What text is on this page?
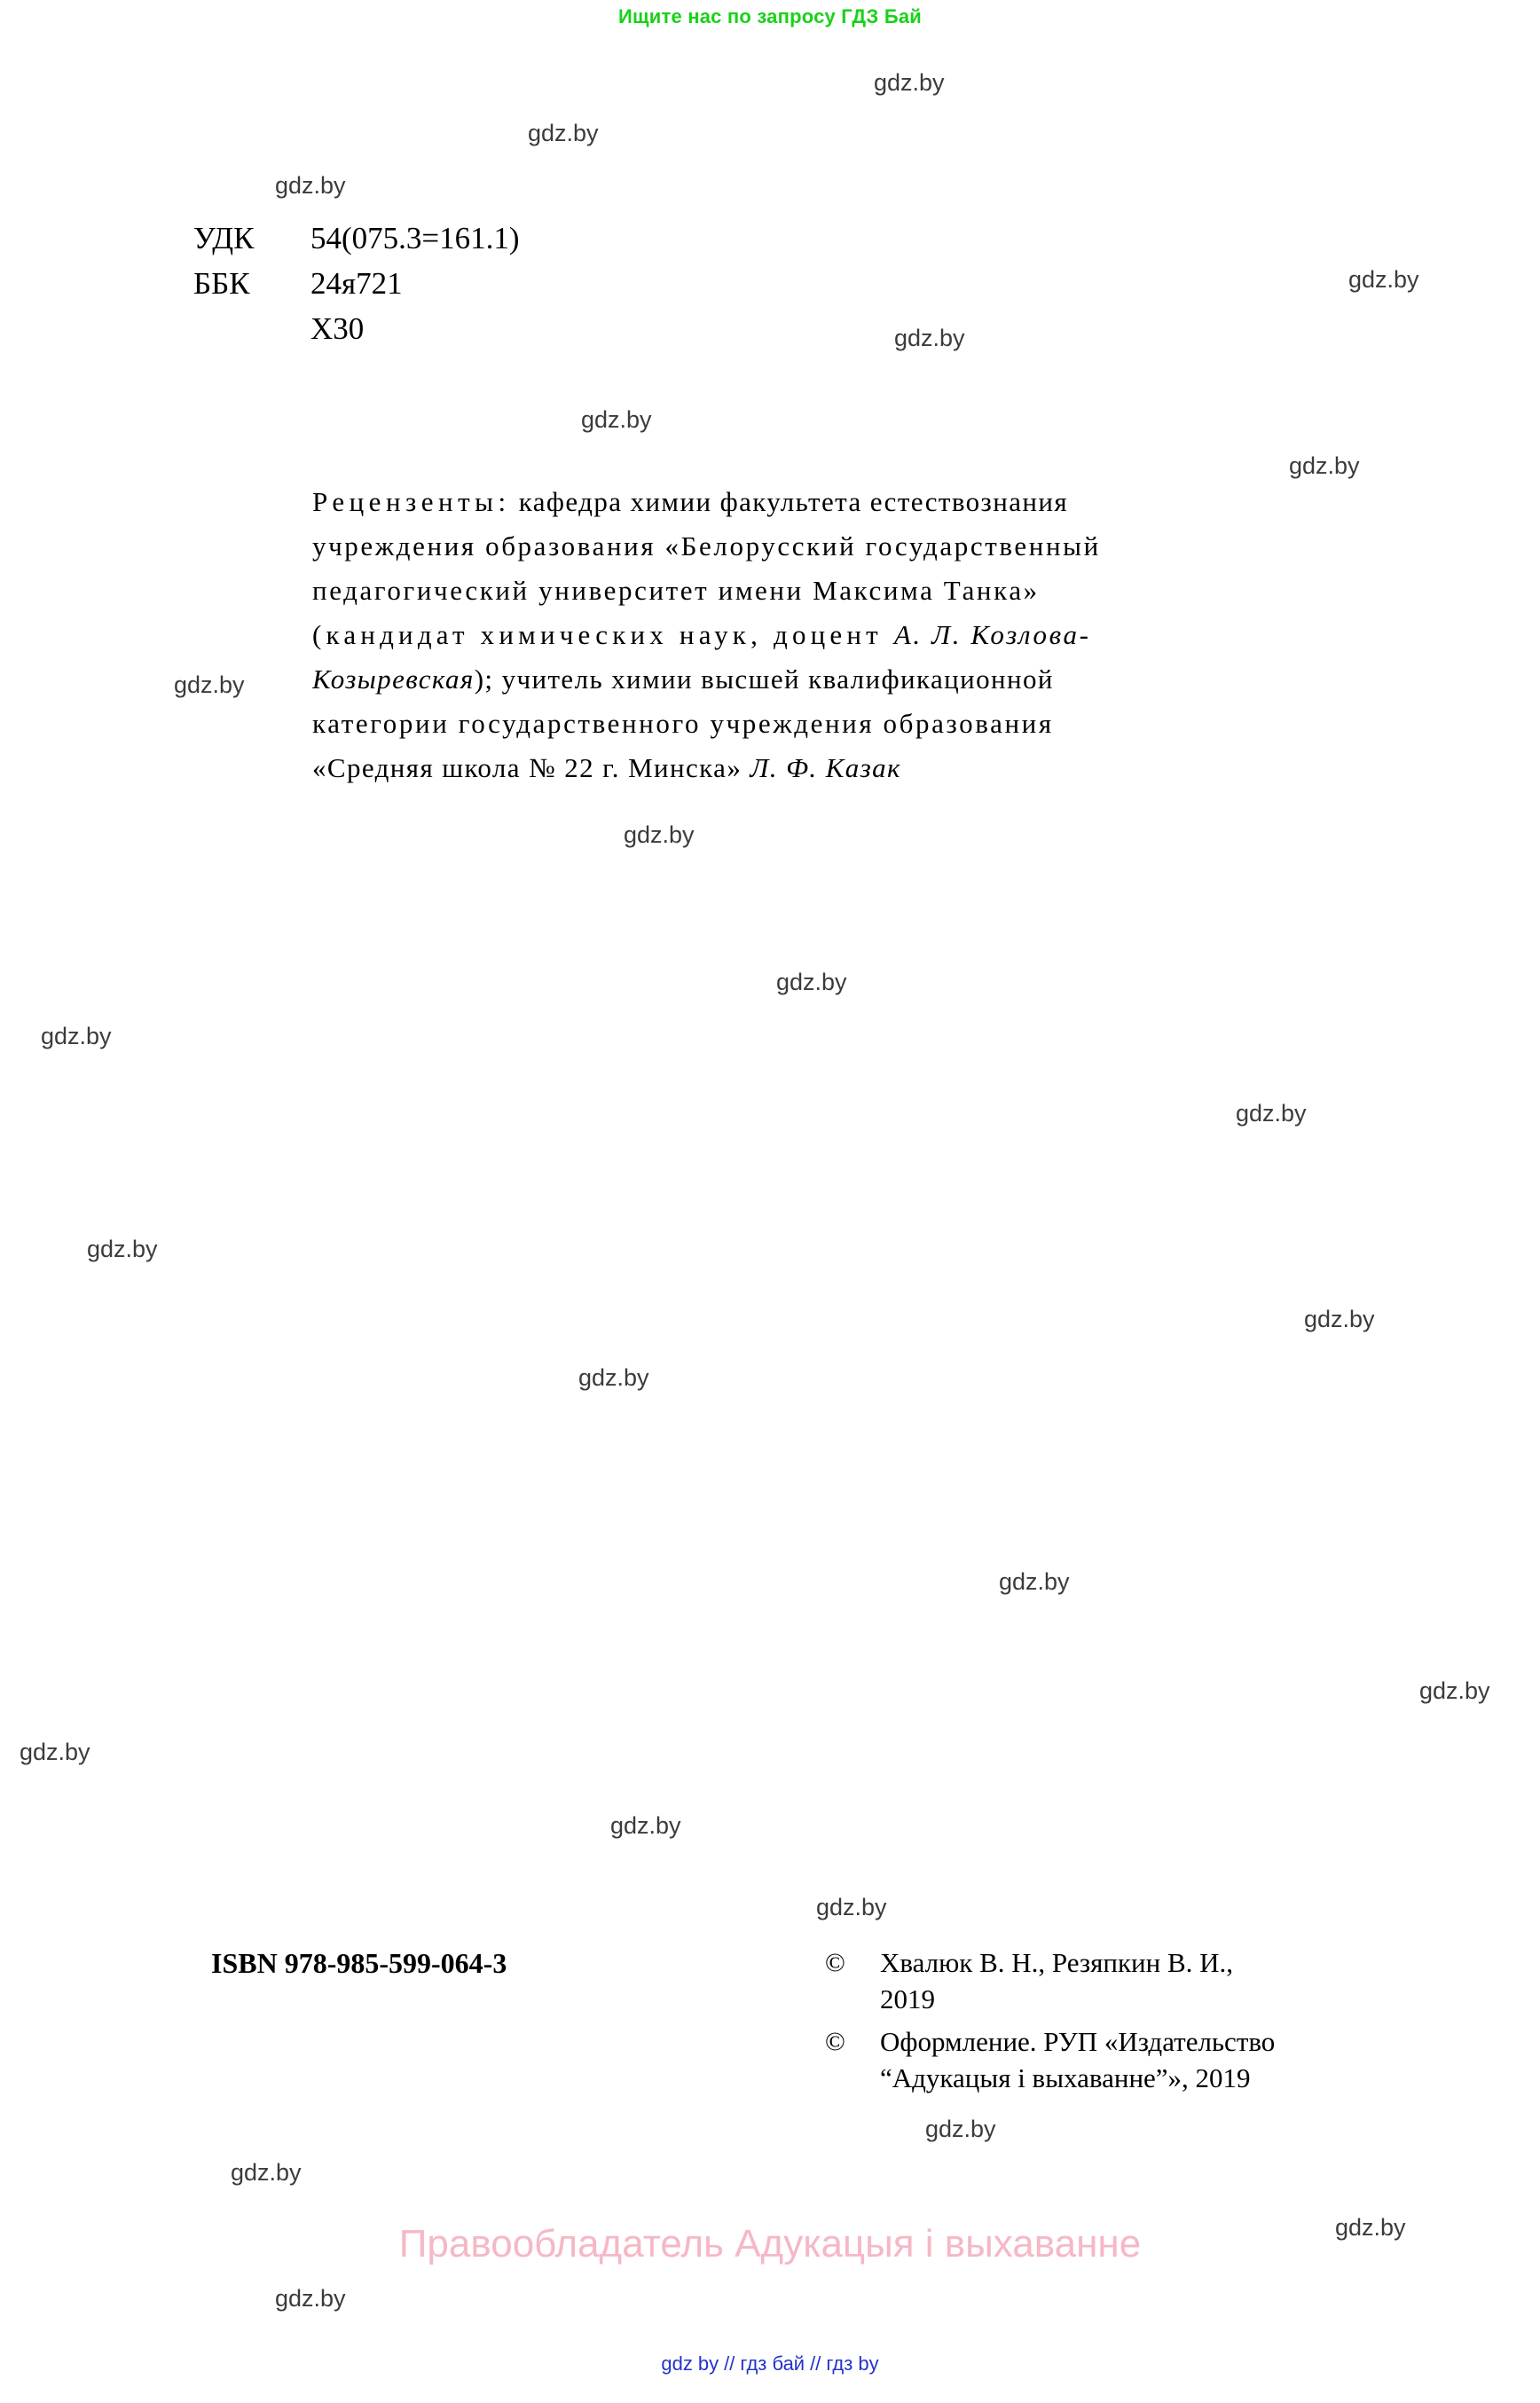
Ищите нас по запросу ГДЗ Бай
gdz.by
gdz.by
gdz.by
gdz.by
gdz.by
gdz.by
gdz.by
gdz.by
gdz.by
gdz.by
gdz.by
gdz.by
gdz.by
gdz.by
gdz.by
gdz.by
gdz.by
gdz.by
gdz.by
gdz.by
gdz.by
gdz.by
gdz.by
gdz.by
УДК 54(075.3=161.1)
ББК 24я721
Х30
Рецензенты: кафедра химии факультета естествознания
учреждения образования «Белорусский государственный
педагогический университет имени Максима Танка»
(кандидат химических наук, доцент А. Л. Козлова-
Козыревская); учитель химии высшей квалификационной
категории государственного учреждения образования
«Средняя школа № 22 г. Минска» Л. Ф. Казак
ISBN 978-985-599-064-3	© Хвалюк В. Н., Резяпкин В. И.,
2019
© Оформление. РУП «Издательство
“Адукацыя і выхаванне”», 2019
Правообладатель Адукацыя і выхаванне
gdz by // гдз бай // гдз by
